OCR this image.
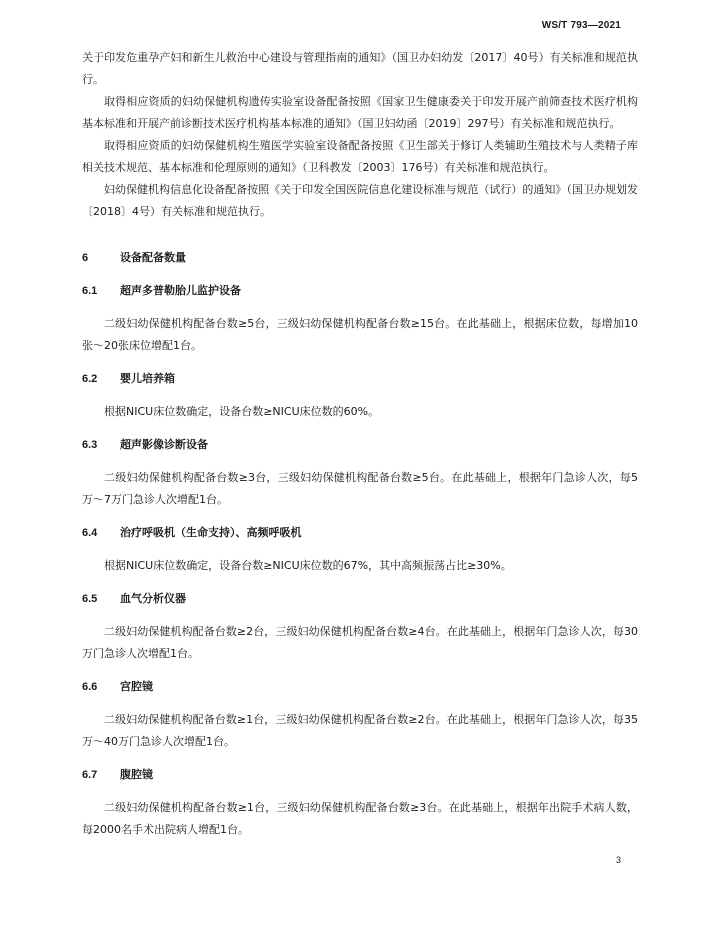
WS/T 793—2021

关于印发危重孕产妇和新生儿救治中心建设与管理指南的通知》（国卫办妇幼发〔2017〕40号）有关标准和规范执行。

取得相应资质的妇幼保健机构遗传实验室设备配备按照《国家卫生健康委关于印发开展产前筛查技术医疗机构基本标准和开展产前诊断技术医疗机构基本标准的通知》（国卫妇幼函〔2019〕297号）有关标准和规范执行。

取得相应资质的妇幼保健机构生殖医学实验室设备配备按照《卫生部关于修订人类辅助生殖技术与人类精子库相关技术规范、基本标准和伦理原则的通知》（卫科教发〔2003〕176号）有关标准和规范执行。

妇幼保健机构信息化设备配备按照《关于印发全国医院信息化建设标准与规范（试行）的通知》（国卫办规划发〔2018〕4号）有关标准和规范执行。

6	设备配备数量

6.1 超声多普勒胎儿监护设备

二级妇幼保健机构配备台数≥5台，三级妇幼保健机构配备台数≥15台。在此基础上，根据床位数，每增加10张～20张床位增配1台。

6.2 婴儿培养箱

根据NICU床位数确定，设备台数≥NICU床位数的60%。

6.3 超声影像诊断设备

二级妇幼保健机构配备台数≥3台，三级妇幼保健机构配备台数≥5台。在此基础上，根据年门急诊人次，每5万～7万门急诊人次增配1台。

6.4 治疗呼吸机（生命支持）、高频呼吸机

根据NICU床位数确定，设备台数≥NICU床位数的67%，其中高频振荡占比≥30%。

6.5 血气分析仪器

二级妇幼保健机构配备台数≥2台，三级妇幼保健机构配备台数≥4台。在此基础上，根据年门急诊人次，每30万门急诊人次增配1台。

6.6 宫腔镜

二级妇幼保健机构配备台数≥1台，三级妇幼保健机构配备台数≥2台。在此基础上，根据年门急诊人次，每35万～40万门急诊人次增配1台。

6.7 腹腔镜

二级妇幼保健机构配备台数≥1台，三级妇幼保健机构配备台数≥3台。在此基础上，根据年出院手术病人数，每2000名手术出院病人增配1台。

3
